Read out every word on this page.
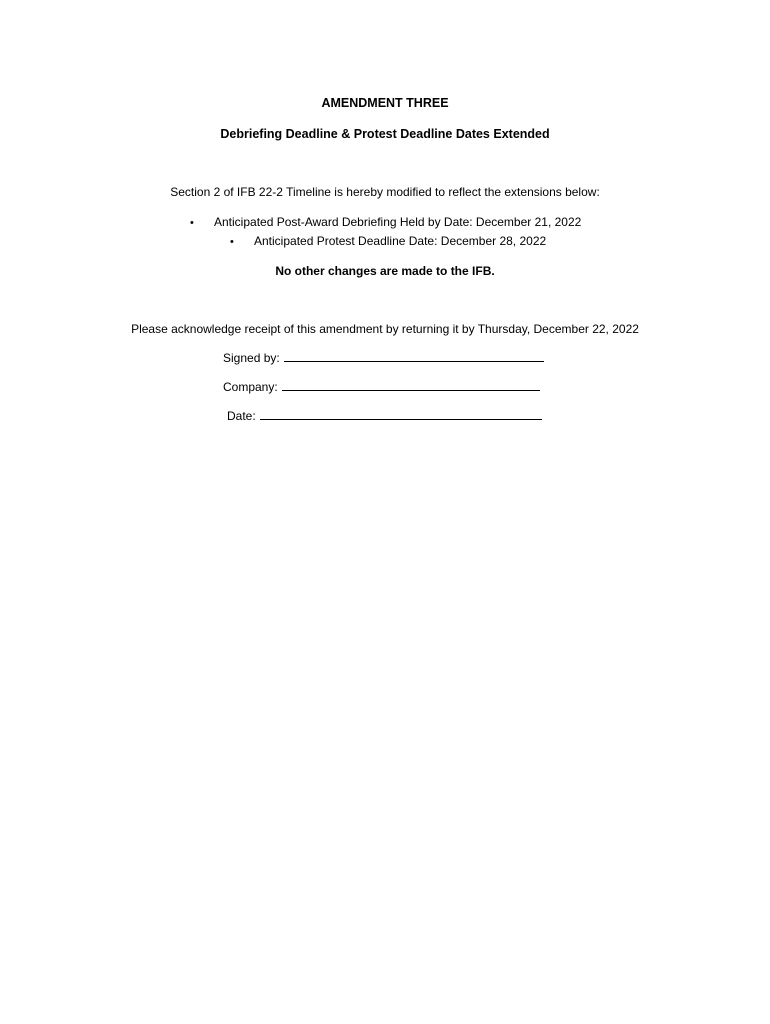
AMENDMENT THREE
Debriefing Deadline & Protest Deadline Dates Extended
Section 2 of IFB 22-2 Timeline is hereby modified to reflect the extensions below:
• Anticipated Post-Award Debriefing Held by Date: December 21, 2022
• Anticipated Protest Deadline Date: December 28, 2022
No other changes are made to the IFB.
Please acknowledge receipt of this amendment by returning it by Thursday, December 22, 2022
Signed by:
Company:
Date:
